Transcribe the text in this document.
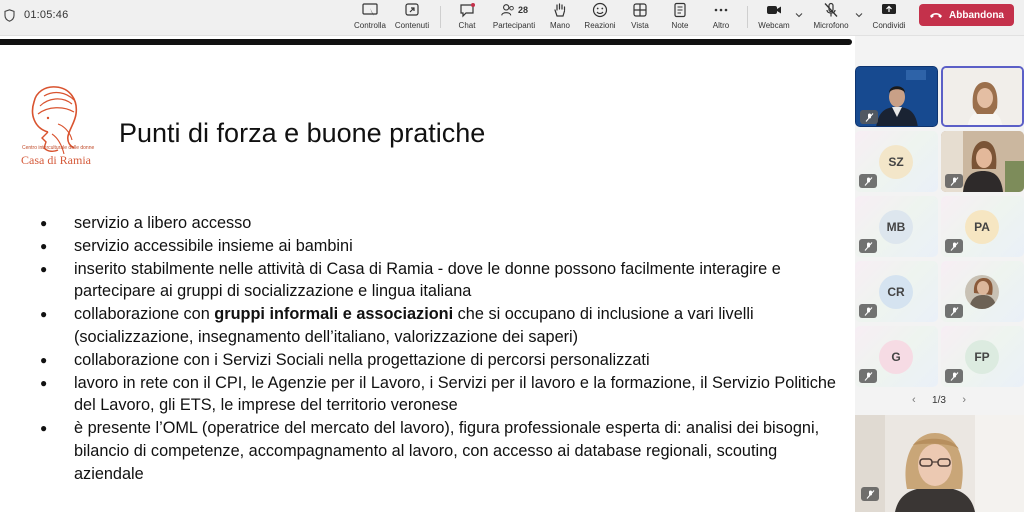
01:05:46
Controlla Contenuti	Chat
28
Partecipanti Mano Reazioni Vista	Note	Altro	Webcam	Microfono	Condividi
Abbandona
Centro interculturale delle donne
Casa di Ramia
Punti di forza e buone pratiche
● servizio a libero accesso
● servizio accessibile insieme ai bambini
● inserito stabilmente nelle attività di Casa di Ramia - dove le donne possono facilmente interagire e partecipare ai gruppi di socializzazione e lingua italiana
● collaborazione con gruppi informali e associazioni che si occupano di inclusione a vari livelli (socializzazione, insegnamento dell’italiano, valorizzazione dei saperi)
● collaborazione con i Servizi Sociali nella progettazione di percorsi personalizzati
● lavoro in rete con il CPI, le Agenzie per il Lavoro, i Servizi per il lavoro e la formazione, il Servizio Politiche del Lavoro, gli ETS, le imprese del territorio veronese
● è presente l’OML (operatrice del mercato del lavoro), figura professionale esperta di: analisi dei bisogni, bilancio di competenze, accompagnamento al lavoro, con accesso ai database regionali, scouting aziendale
SZ
MB	PA
CR
G	FP
‹ 1/3 ›
